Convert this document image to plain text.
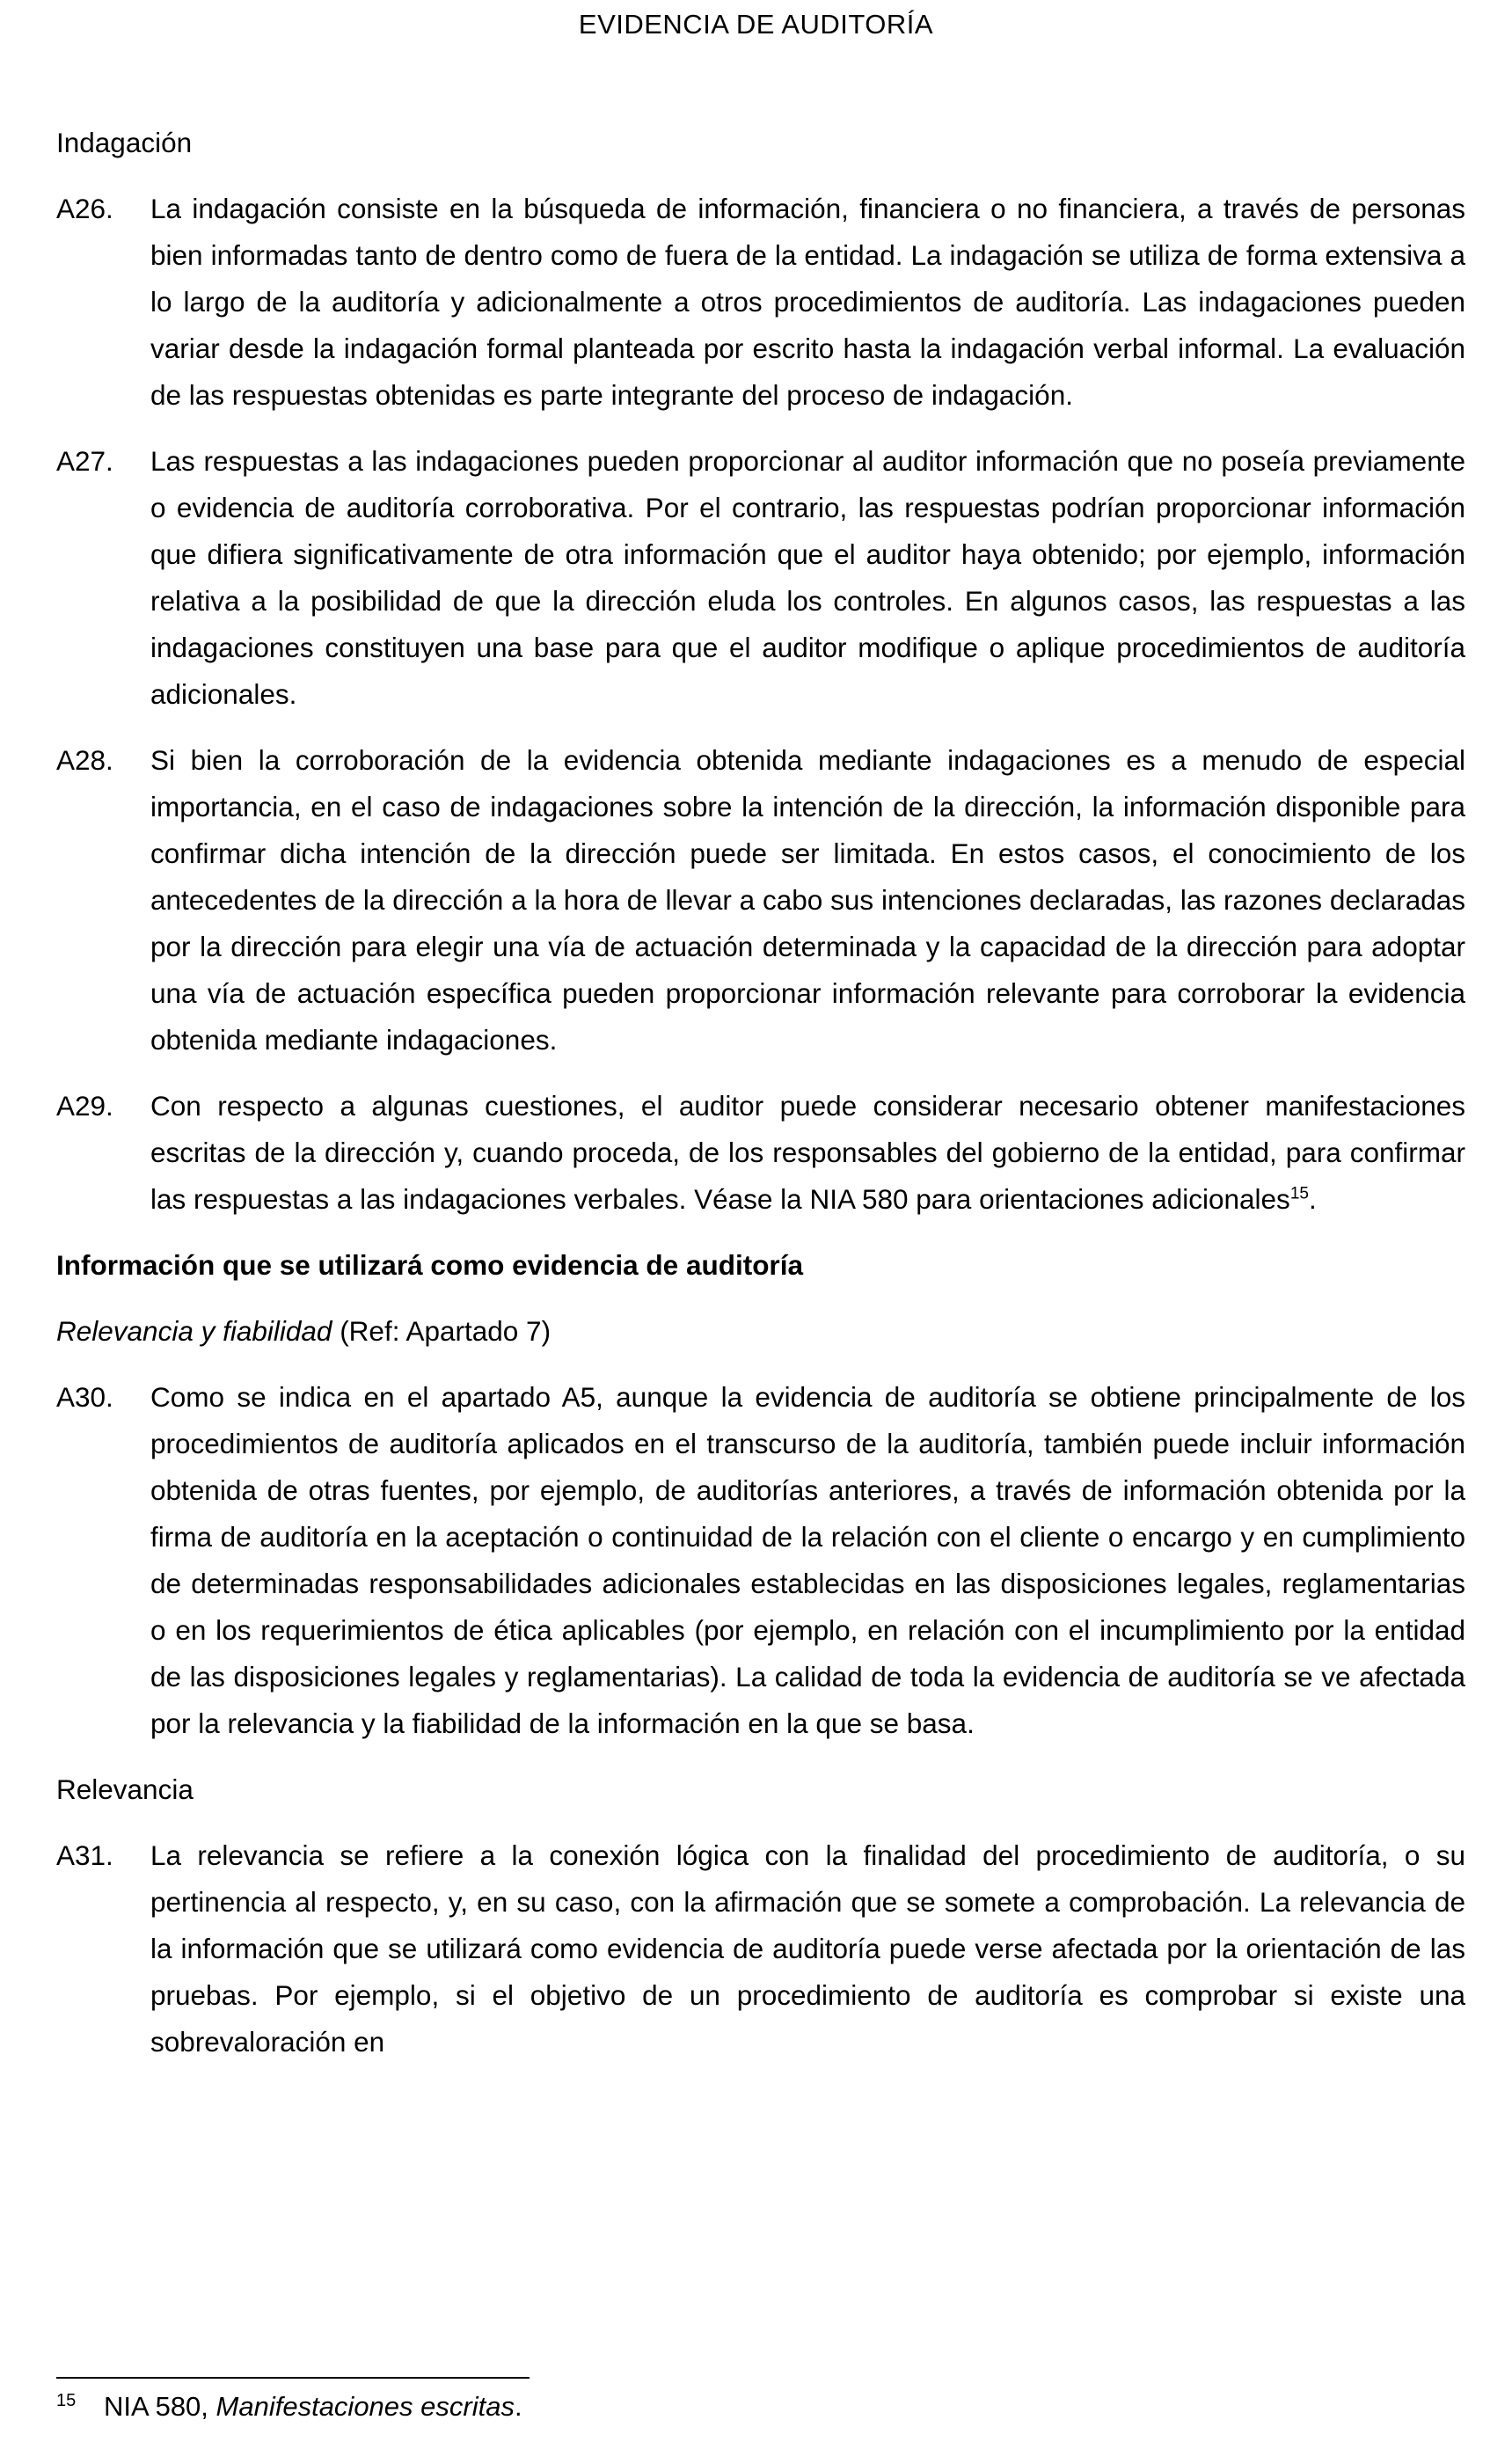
EVIDENCIA DE AUDITORÍA
Indagación
A26.	La indagación consiste en la búsqueda de información, financiera o no financiera, a través de personas bien informadas tanto de dentro como de fuera de la entidad. La indagación se utiliza de forma extensiva a lo largo de la auditoría y adicionalmente a otros procedimientos de auditoría. Las indagaciones pueden variar desde la indagación formal planteada por escrito hasta la indagación verbal informal. La evaluación de las respuestas obtenidas es parte integrante del proceso de indagación.
A27.	Las respuestas a las indagaciones pueden proporcionar al auditor información que no poseía previamente o evidencia de auditoría corroborativa. Por el contrario, las respuestas podrían proporcionar información que difiera significativamente de otra información que el auditor haya obtenido; por ejemplo, información relativa a la posibilidad de que la dirección eluda los controles. En algunos casos, las respuestas a las indagaciones constituyen una base para que el auditor modifique o aplique procedimientos de auditoría adicionales.
A28.	Si bien la corroboración de la evidencia obtenida mediante indagaciones es a menudo de especial importancia, en el caso de indagaciones sobre la intención de la dirección, la información disponible para confirmar dicha intención de la dirección puede ser limitada. En estos casos, el conocimiento de los antecedentes de la dirección a la hora de llevar a cabo sus intenciones declaradas, las razones declaradas por la dirección para elegir una vía de actuación determinada y la capacidad de la dirección para adoptar una vía de actuación específica pueden proporcionar información relevante para corroborar la evidencia obtenida mediante indagaciones.
A29.	Con respecto a algunas cuestiones, el auditor puede considerar necesario obtener manifestaciones escritas de la dirección y, cuando proceda, de los responsables del gobierno de la entidad, para confirmar las respuestas a las indagaciones verbales. Véase la NIA 580 para orientaciones adicionales$^{15}$.
Información que se utilizará como evidencia de auditoría
Relevancia y fiabilidad (Ref: Apartado 7)
A30.	Como se indica en el apartado A5, aunque la evidencia de auditoría se obtiene principalmente de los procedimientos de auditoría aplicados en el transcurso de la auditoría, también puede incluir información obtenida de otras fuentes, por ejemplo, de auditorías anteriores, a través de información obtenida por la firma de auditoría en la aceptación o continuidad de la relación con el cliente o encargo y en cumplimiento de determinadas responsabilidades adicionales establecidas en las disposiciones legales, reglamentarias o en los requerimientos de ética aplicables (por ejemplo, en relación con el incumplimiento por la entidad de las disposiciones legales y reglamentarias). La calidad de toda la evidencia de auditoría se ve afectada por la relevancia y la fiabilidad de la información en la que se basa.
Relevancia
A31.	La relevancia se refiere a la conexión lógica con la finalidad del procedimiento de auditoría, o su pertinencia al respecto, y, en su caso, con la afirmación que se somete a comprobación. La relevancia de la información que se utilizará como evidencia de auditoría puede verse afectada por la orientación de las pruebas. Por ejemplo, si el objetivo de un procedimiento de auditoría es comprobar si existe una sobrevaloración en
15	NIA 580, Manifestaciones escritas.
